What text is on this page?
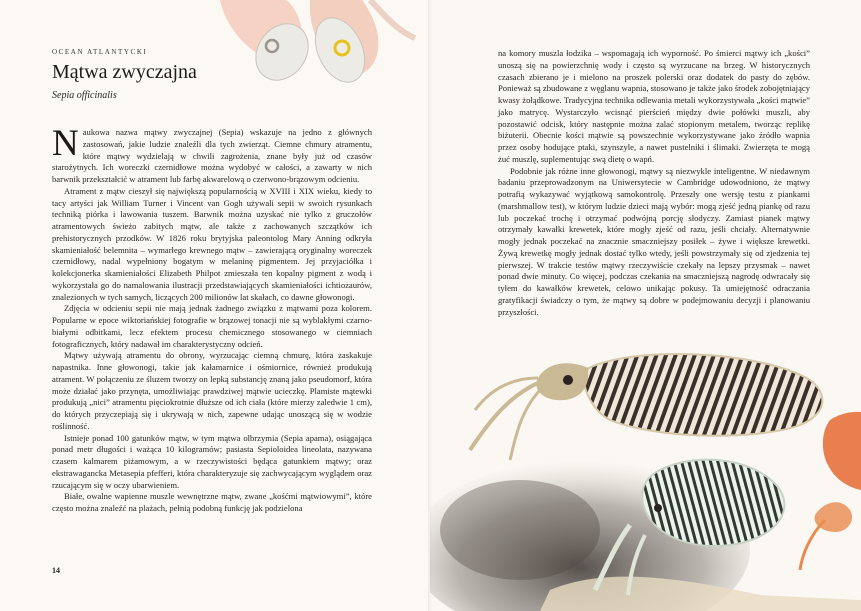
OCEAN ATLANTYCKI
Mątwa zwyczajna
Sepia officinalis

Naukowa nazwa mątwy zwyczajnej (Sepia) wskazuje na jedno z głównych zastosowań, jakie ludzie znaleźli dla tych zwierząt. Ciemne chmury atramentu, które mątwy wydzielają w chwili zagrożenia, znane były już od czasów starożytnych. Ich woreczki czernidłowe można wydobyć w całości, a zawarty w nich barwnik przekształcić w atrament lub farbę akwarelową o czerwono-brązowym odcieniu.

Atrament z mątw cieszył się największą popularnością w XVIII i XIX wieku, kiedy to tacy artyści jak William Turner i Vincent van Gogh używali sepii w swoich rysunkach techniką piórka i lawowania tuszem. Barwnik można uzyskać nie tylko z gruczołów atramentowych świeżo zabitych mątw, ale także z zachowanych szczątków ich prehistorycznych przodków. W 1826 roku brytyjska paleontolog Mary Anning odkryła skamieniałość belemnita – wymarłego krewnego mątw – zawierającą oryginalny woreczek czernidłowy, nadal wypełniony bogatym w melaninę pigmentem. Jej przyjaciółka i kolekcjonerka skamieniałości Elizabeth Philpot zmieszała ten kopalny pigment z wodą i wykorzystała go do namalowania ilustracji przedstawiających skamieniałości ichtiozaurów, znalezionych w tych samych, liczących 200 milionów lat skałach, co dawne głowonogi.

Zdjęcia w odcieniu sepii nie mają jednak żadnego związku z mątwami poza kolorem. Popularne w epoce wiktoriańskiej fotografie w brązowej tonacji nie są wyblakłymi czarno-białymi odbitkami, lecz efektem procesu chemicznego stosowanego w ciemniach fotograficznych, który nadawał im charakterystyczny odcień.

Mątwy używają atramentu do obrony, wyrzucając ciemną chmurę, która zaskakuje napastnika. Inne głowonogi, takie jak kałamarnice i ośmiornice, również produkują atrament. W połączeniu ze śluzem tworzy on lepką substancję znaną jako pseudomorf, która może działać jako przynęta, umożliwiając prawdziwej mątwie ucieczkę. Plamiste mątewki produkują „nici” atramentu pięciokrotnie dłuższe od ich ciała (które mierzy zaledwie 1 cm), do których przyczepiają się i ukrywają w nich, zapewne udając unoszącą się w wodzie roślinność.

Istnieje ponad 100 gatunków mątw, w tym mątwa olbrzymia (Sepia apama), osiągająca ponad metr długości i ważąca 10 kilogramów; pasiasta Sepioloidea lineolata, nazywana czasem kalmarem piżamowym, a w rzeczywistości będąca gatunkiem mątwy; oraz ekstrawagancka Metasepia pfefferi, która charakteryzuje się zachwycającym wyglądem oraz rzucającym się w oczy ubarwieniem.

Białe, owalne wapienne muszle wewnętrzne mątw, zwane „kośćmi mątwiowymi”, które często można znaleźć na plażach, pełnią podobną funkcję jak podzielona

14

na komory muszla łodzika – wspomagają ich wyporność. Po śmierci mątwy ich „kości” unoszą się na powierzchnię wody i często są wyrzucane na brzeg. W historycznych czasach zbierano je i mielono na proszek polerski oraz dodatek do pasty do zębów. Ponieważ są zbudowane z węglanu wapnia, stosowano je także jako środek zobojętniający kwasy żołądkowe. Tradycyjna technika odlewania metali wykorzystywała „kości mątwie” jako matrycę. Wystarczyło wcisnąć pierścień między dwie połówki muszli, aby pozostawić odcisk, który następnie można zalać stopionym metalem, tworząc replikę biżuterii. Obecnie kości mątwie są powszechnie wykorzystywane jako źródło wapnia przez osoby hodujące ptaki, szynszyle, a nawet pustelniki i ślimaki. Zwierzęta te mogą żuć muszlę, suplementując swą dietę o wapń.

Podobnie jak różne inne głowonogi, mątwy są niezwykle inteligentne. W niedawnym badaniu przeprowadzonym na Uniwersytecie w Cambridge udowodniono, że mątwy potrafią wykazywać wyjątkową samokontrolę. Przeszły one wersję testu z piankami (marshmallow test), w którym ludzie dzieci mają wybór: mogą zjeść jedną piankę od razu lub poczekać trochę i otrzymać podwójną porcję słodyczy. Zamiast pianek mątwy otrzymały kawałki krewetek, które mogły zjeść od razu, jeśli chciały. Alternatywnie mogły jednak poczekać na znacznie smaczniejszy posiłek – żywe i większe krewetki. Żywą krewetkę mogły jednak dostać tylko wtedy, jeśli powstrzymały się od zjedzenia tej pierwszej. W trakcie testów mątwy rzeczywiście czekały na lepszy przysmak – nawet ponad dwie minuty. Co więcej, podczas czekania na smaczniejszą nagrodę odwracały się tyłem do kawałków krewetek, celowo unikając pokusy. Ta umiejętność odraczania gratyfikacji świadczy o tym, że mątwy są dobre w podejmowaniu decyzji i planowaniu przyszłości.
